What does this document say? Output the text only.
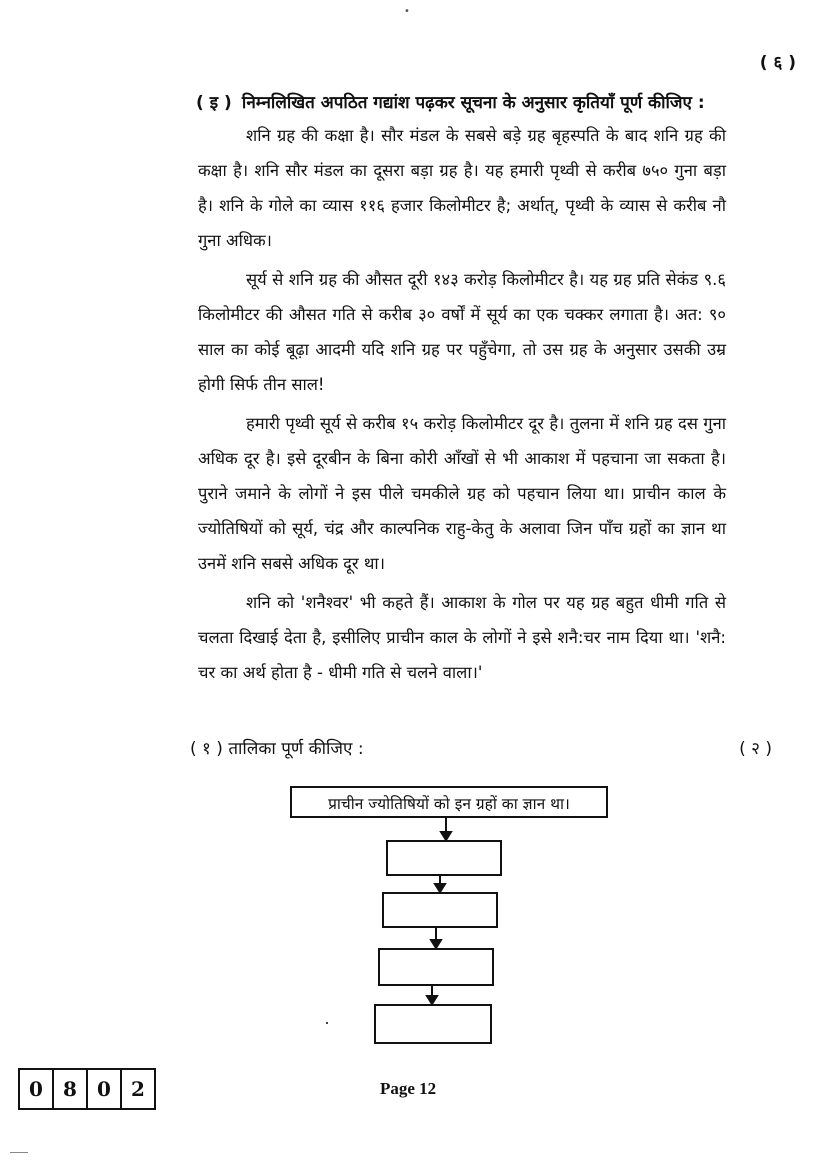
•
( ६ )
( इ ) निम्नलिखित अपठित गद्यांश पढ़कर सूचना के अनुसार कृतियाँ पूर्ण कीजिए :

शनि ग्रह की कक्षा है। सौर मंडल के सबसे बड़े ग्रह बृहस्पति के बाद शनि ग्रह की कक्षा है। शनि सौर मंडल का दूसरा बड़ा ग्रह है। यह हमारी पृथ्वी से करीब ७५० गुना बड़ा है। शनि के गोले का व्यास ११६ हजार किलोमीटर है; अर्थात्, पृथ्वी के व्यास से करीब नौ गुना अधिक।

सूर्य से शनि ग्रह की औसत दूरी १४३ करोड़ किलोमीटर है। यह ग्रह प्रति सेकंड ९.६ किलोमीटर की औसत गति से करीब ३० वर्षों में सूर्य का एक चक्कर लगाता है। अत: ९० साल का कोई बूढ़ा आदमी यदि शनि ग्रह पर पहुँचेगा, तो उस ग्रह के अनुसार उसकी उम्र होगी सिर्फ तीन साल!

हमारी पृथ्वी सूर्य से करीब १५ करोड़ किलोमीटर दूर है। तुलना में शनि ग्रह दस गुना अधिक दूर है। इसे दूरबीन के बिना कोरी आँखों से भी आकाश में पहचाना जा सकता है। पुराने जमाने के लोगों ने इस पीले चमकीले ग्रह को पहचान लिया था। प्राचीन काल के ज्योतिषियों को सूर्य, चंद्र और काल्पनिक राहु-केतु के अलावा जिन पाँच ग्रहों का ज्ञान था उनमें शनि सबसे अधिक दूर था।

शनि को 'शनैश्वर' भी कहते हैं। आकाश के गोल पर यह ग्रह बहुत धीमी गति से चलता दिखाई देता है, इसीलिए प्राचीन काल के लोगों ने इसे शनै:चर नाम दिया था। 'शनै: चर का अर्थ होता है - धीमी गति से चलने वाला।'

( १ ) तालिका पूर्ण कीजिए :	( २ )
प्राचीन ज्योतिषियों को इन ग्रहों का ज्ञान था।
0	8	0	2	Page 12
